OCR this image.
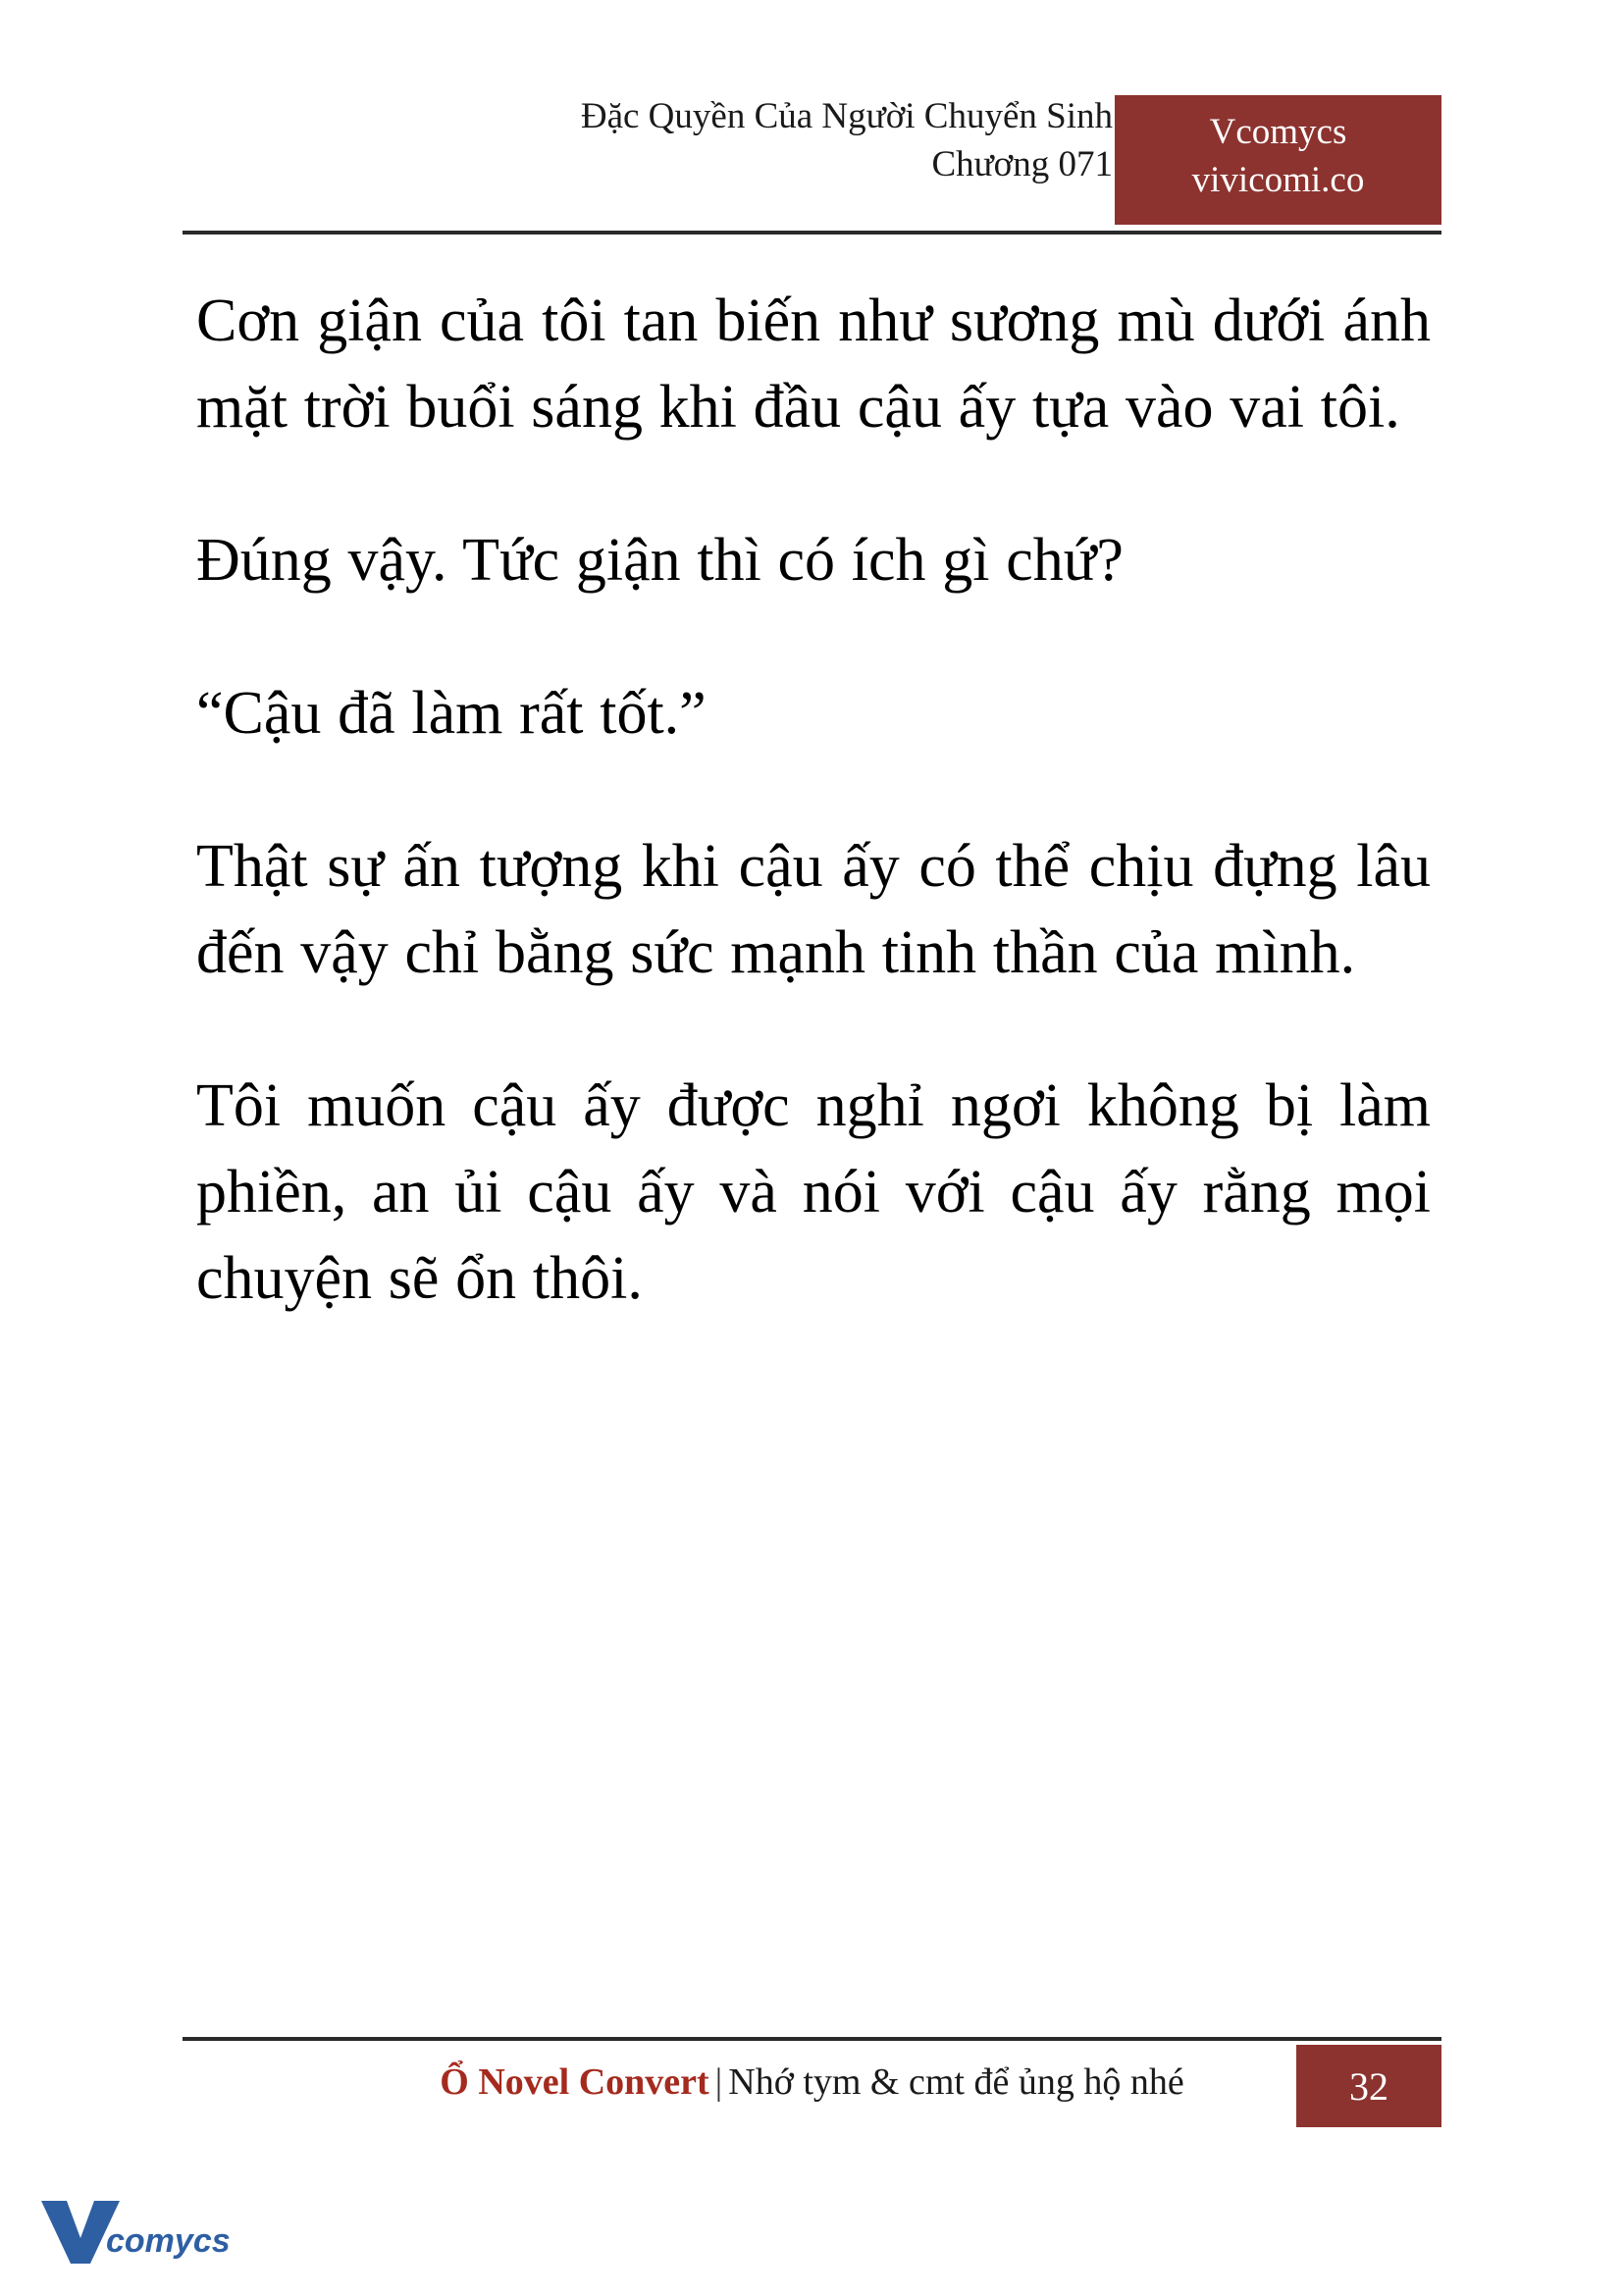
Đặc Quyền Của Người Chuyển Sinh
Chương 071
Vcomycs
vivicomi.co

Cơn giận của tôi tan biến như sương mù dưới ánh mặt trời buổi sáng khi đầu cậu ấy tựa vào vai tôi.

Đúng vậy. Tức giận thì có ích gì chứ?

“Cậu đã làm rất tốt.”

Thật sự ấn tượng khi cậu ấy có thể chịu đựng lâu đến vậy chỉ bằng sức mạnh tinh thần của mình.

Tôi muốn cậu ấy được nghỉ ngơi không bị làm phiền, an ủi cậu ấy và nói với cậu ấy rằng mọi chuyện sẽ ổn thôi.

Ổ Novel Convert | Nhớ tym & cmt để ủng hộ nhé	32
comycs
